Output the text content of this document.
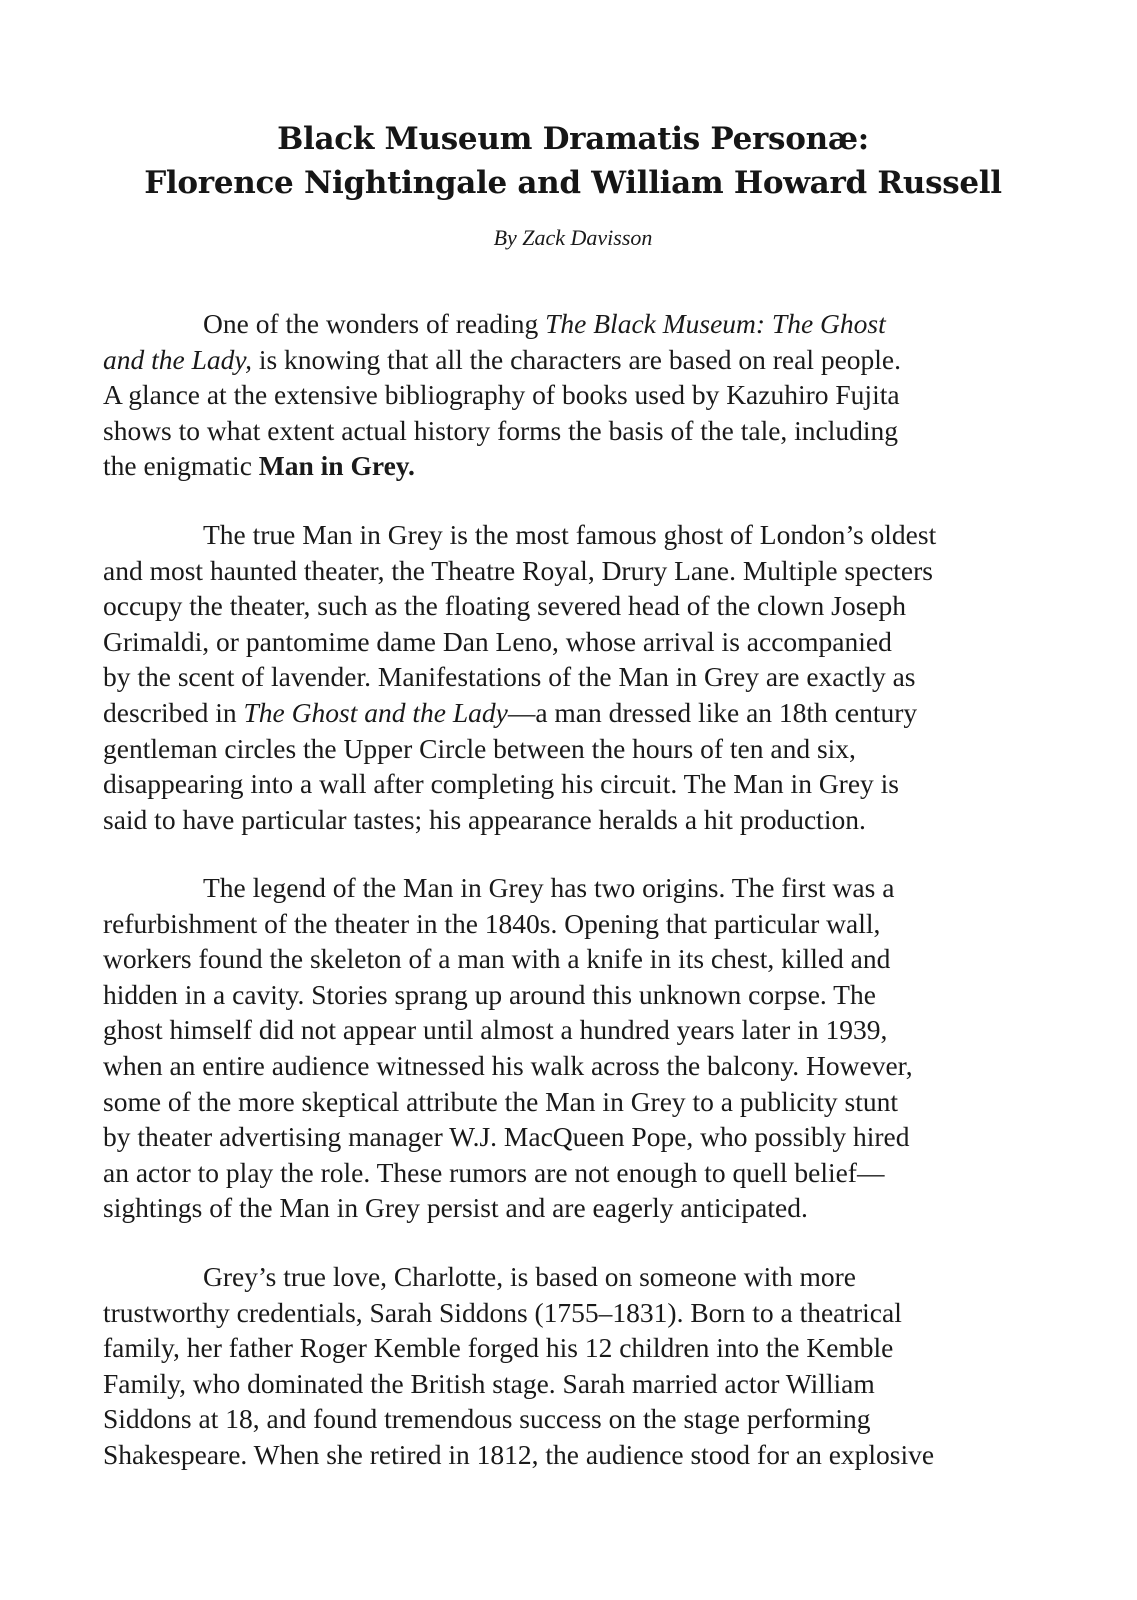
Black Museum Dramatis Personæ:
Florence Nightingale and William Howard Russell

By Zack Davisson

One of the wonders of reading The Black Museum: The Ghost
and the Lady, is knowing that all the characters are based on real people.
A glance at the extensive bibliography of books used by Kazuhiro Fujita
shows to what extent actual history forms the basis of the tale, including
the enigmatic Man in Grey.

The true Man in Grey is the most famous ghost of London’s oldest
and most haunted theater, the Theatre Royal, Drury Lane. Multiple specters
occupy the theater, such as the floating severed head of the clown Joseph
Grimaldi, or pantomime dame Dan Leno, whose arrival is accompanied
by the scent of lavender. Manifestations of the Man in Grey are exactly as
described in The Ghost and the Lady—a man dressed like an 18th century
gentleman circles the Upper Circle between the hours of ten and six,
disappearing into a wall after completing his circuit. The Man in Grey is
said to have particular tastes; his appearance heralds a hit production.

The legend of the Man in Grey has two origins. The first was a
refurbishment of the theater in the 1840s. Opening that particular wall,
workers found the skeleton of a man with a knife in its chest, killed and
hidden in a cavity. Stories sprang up around this unknown corpse. The
ghost himself did not appear until almost a hundred years later in 1939,
when an entire audience witnessed his walk across the balcony. However,
some of the more skeptical attribute the Man in Grey to a publicity stunt
by theater advertising manager W.J. MacQueen Pope, who possibly hired
an actor to play the role. These rumors are not enough to quell belief—
sightings of the Man in Grey persist and are eagerly anticipated.

Grey’s true love, Charlotte, is based on someone with more
trustworthy credentials, Sarah Siddons (1755–1831). Born to a theatrical
family, her father Roger Kemble forged his 12 children into the Kemble
Family, who dominated the British stage. Sarah married actor William
Siddons at 18, and found tremendous success on the stage performing
Shakespeare. When she retired in 1812, the audience stood for an explosive
